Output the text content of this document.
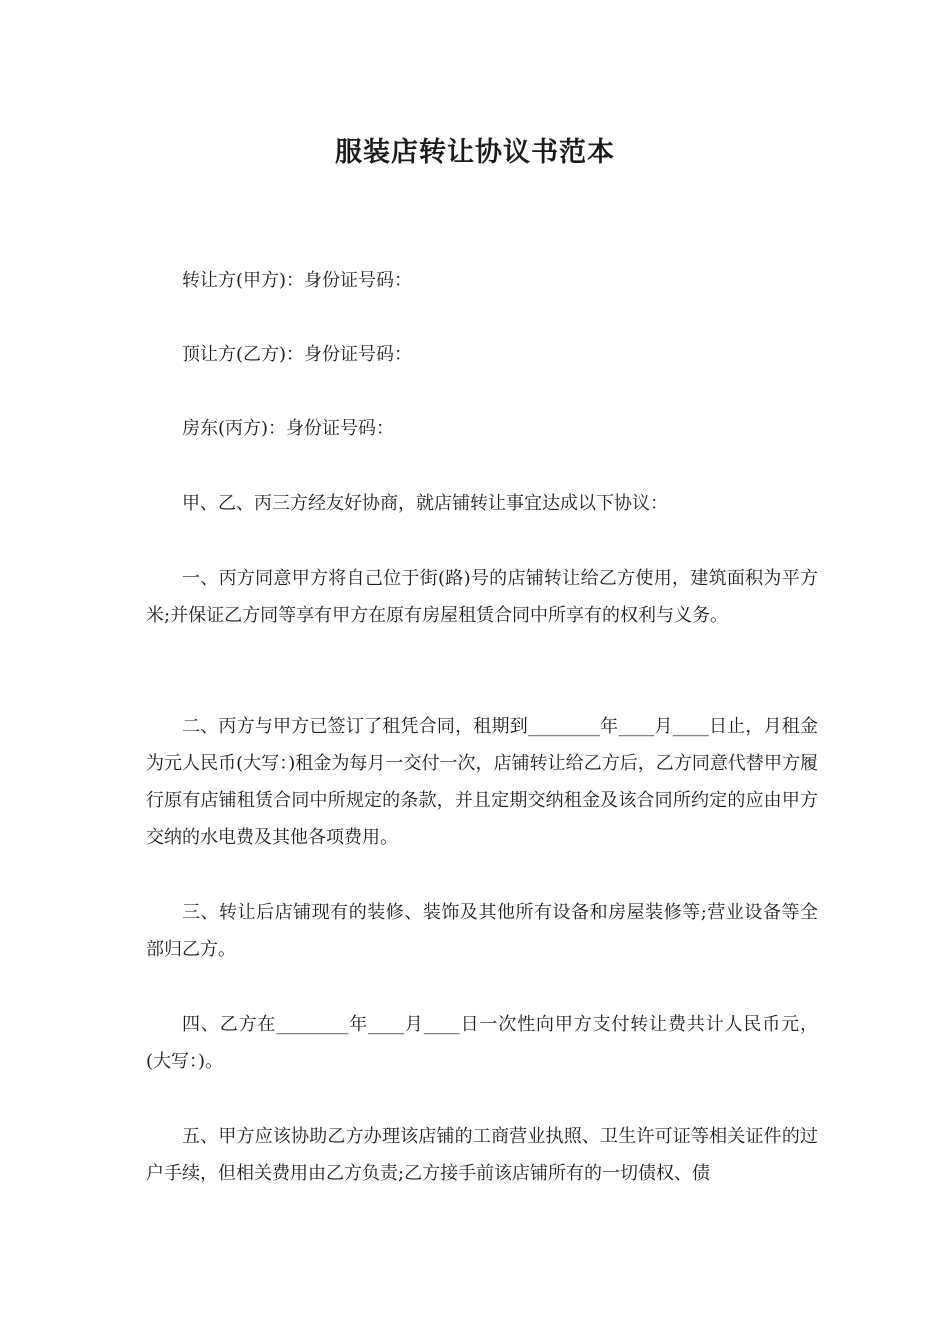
服装店转让协议书范本
转让方(甲方)：身份证号码：
顶让方(乙方)：身份证号码：
房东(丙方)：身份证号码：
甲、乙、丙三方经友好协商，就店铺转让事宜达成以下协议：
一、丙方同意甲方将自己位于街(路)号的店铺转让给乙方使用，建筑面积为平方米;并保证乙方同等享有甲方在原有房屋租赁合同中所享有的权利与义务。
二、丙方与甲方已签订了租凭合同，租期到________年____月____日止，月租金为元人民币(大写：)租金为每月一交付一次，店铺转让给乙方后，乙方同意代替甲方履行原有店铺租赁合同中所规定的条款，并且定期交纳租金及该合同所约定的应由甲方交纳的水电费及其他各项费用。
三、转让后店铺现有的装修、装饰及其他所有设备和房屋装修等;营业设备等全部归乙方。
四、乙方在________年____月____日一次性向甲方支付转让费共计人民币元，(大写：)。
五、甲方应该协助乙方办理该店铺的工商营业执照、卫生许可证等相关证件的过户手续，但相关费用由乙方负责;乙方接手前该店铺所有的一切债权、债
